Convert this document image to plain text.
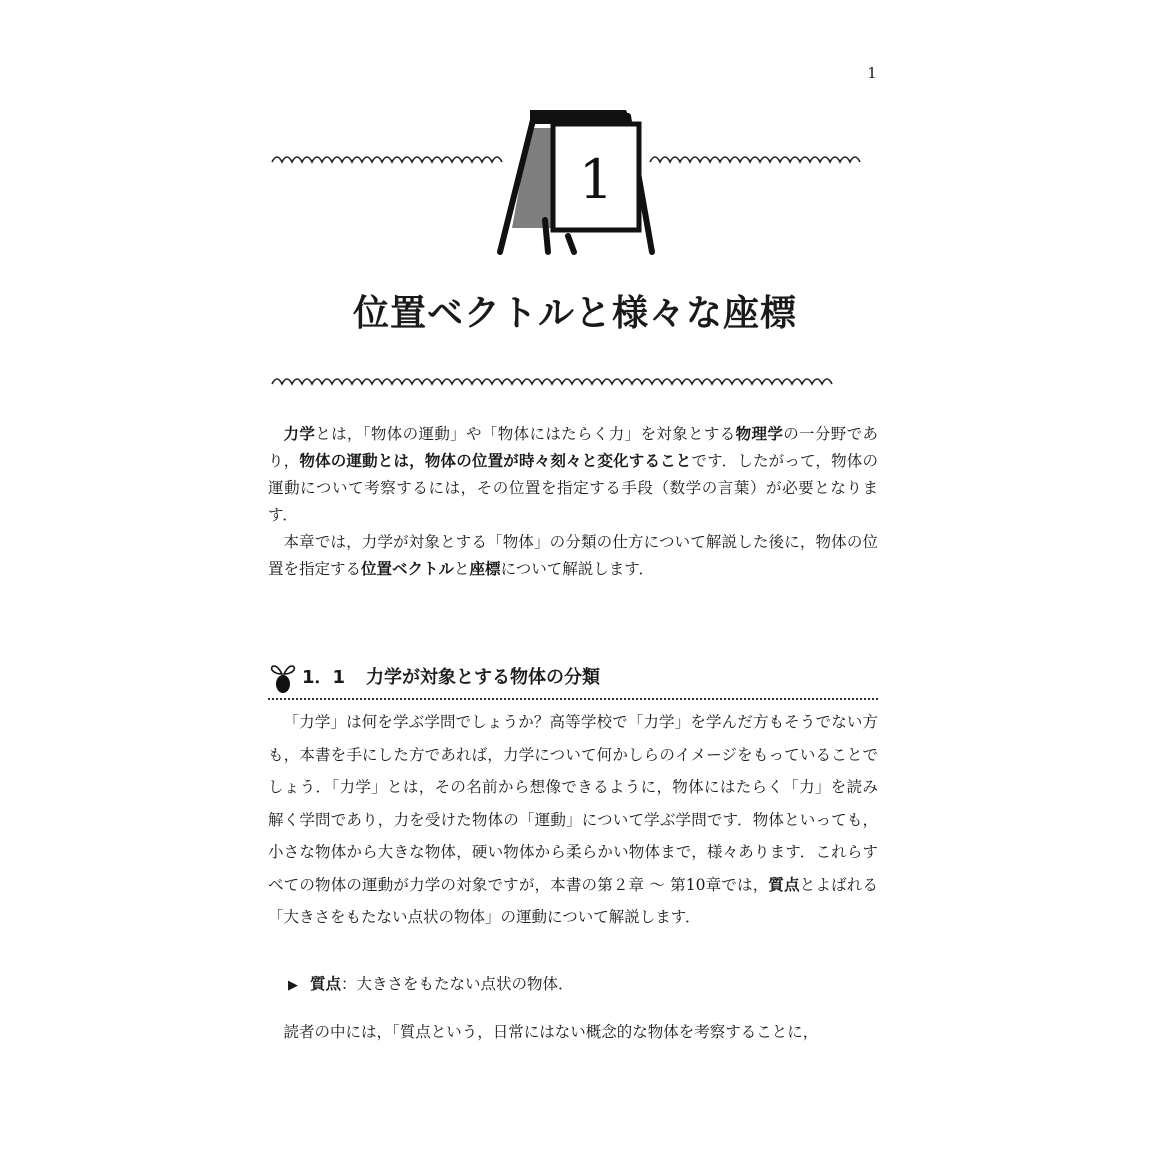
1
1
位置ベクトルと様々な座標

力学とは，「物体の運動」や「物体にはたらく力」を対象とする物理学の一分野であり，物体の運動とは，物体の位置が時々刻々と変化することです．したがって，物体の運動について考察するには，その位置を指定する手段（数学の言葉）が必要となります．

本章では，力学が対象とする「物体」の分類の仕方について解説した後に，物体の位置を指定する位置ベクトルと座標について解説します．

1．1 力学が対象とする物体の分類

「力学」は何を学ぶ学問でしょうか？高等学校で「力学」を学んだ方もそうでない方も，本書を手にした方であれば，力学について何かしらのイメージをもっていることでしょう．「力学」とは，その名前から想像できるように，物体にはたらく「力」を読み解く学問であり，力を受けた物体の「運動」について学ぶ学問です．物体といっても，小さな物体から大きな物体，硬い物体から柔らかい物体まで，様々あります．これらすべての物体の運動が力学の対象ですが，本書の第２章 ～ 第10章では，質点とよばれる「大きさをもたない点状の物体」の運動について解説します．

▶ 質点：大きさをもたない点状の物体．

読者の中には，「質点という，日常にはない概念的な物体を考察することに，
